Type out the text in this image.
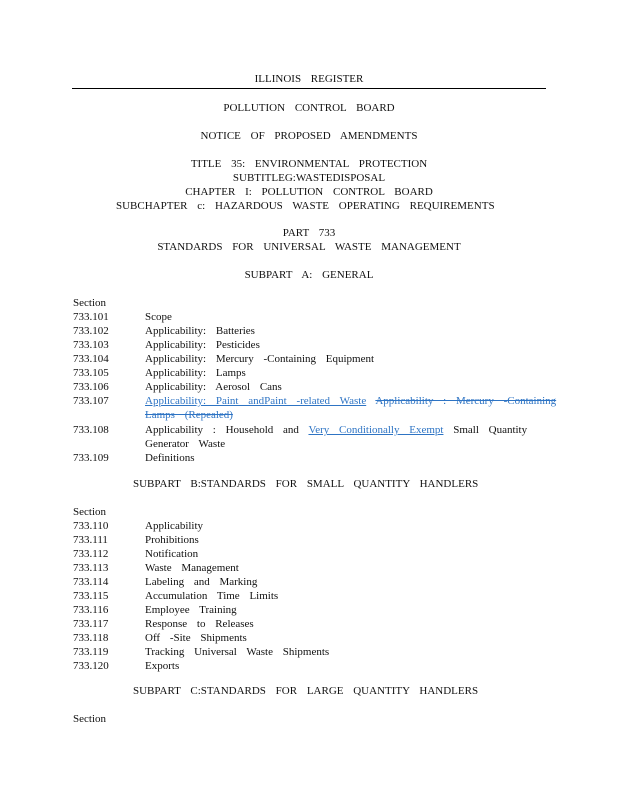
ILLINOIS REGISTER
POLLUTION CONTROL BOARD
NOTICE OF PROPOSED AMENDMENTS
TITLE 35: ENVIRONMENTAL PROTECTION
SUBTITLEG:WASTEDISPOSAL
CHAPTER I: POLLUTION CONTROL BOARD
SUBCHAPTER c: HAZARDOUS WASTE OPERATING REQUIREMENTS
PART 733
STANDARDS FOR UNIVERSAL WASTE MANAGEMENT
SUBPART A: GENERAL
Section
733.101	Scope
733.102	Applicability: Batteries
733.103	Applicability: Pesticides
733.104	Applicability: Mercury -Containing Equipment
733.105	Applicability: Lamps
733.106	Applicability: Aerosol Cans
733.107	Applicability: Paint andPaint -related Waste Applicability : Mercury -Containing
Lamps (Repealed)
733.108	Applicability : Household and Very Conditionally Exempt Small Quantity
Generator Waste
733.109	Definitions
SUBPART B:STANDARDS FOR SMALL QUANTITY HANDLERS
Section
733.110	Applicability
733.111	Prohibitions
733.112	Notification
733.113	Waste Management
733.114	Labeling and Marking
733.115	Accumulation Time Limits
733.116	Employee Training
733.117	Response to Releases
733.118	Off -Site Shipments
733.119	Tracking Universal Waste Shipments
733.120	Exports
SUBPART C:STANDARDS FOR LARGE QUANTITY HANDLERS
Section
